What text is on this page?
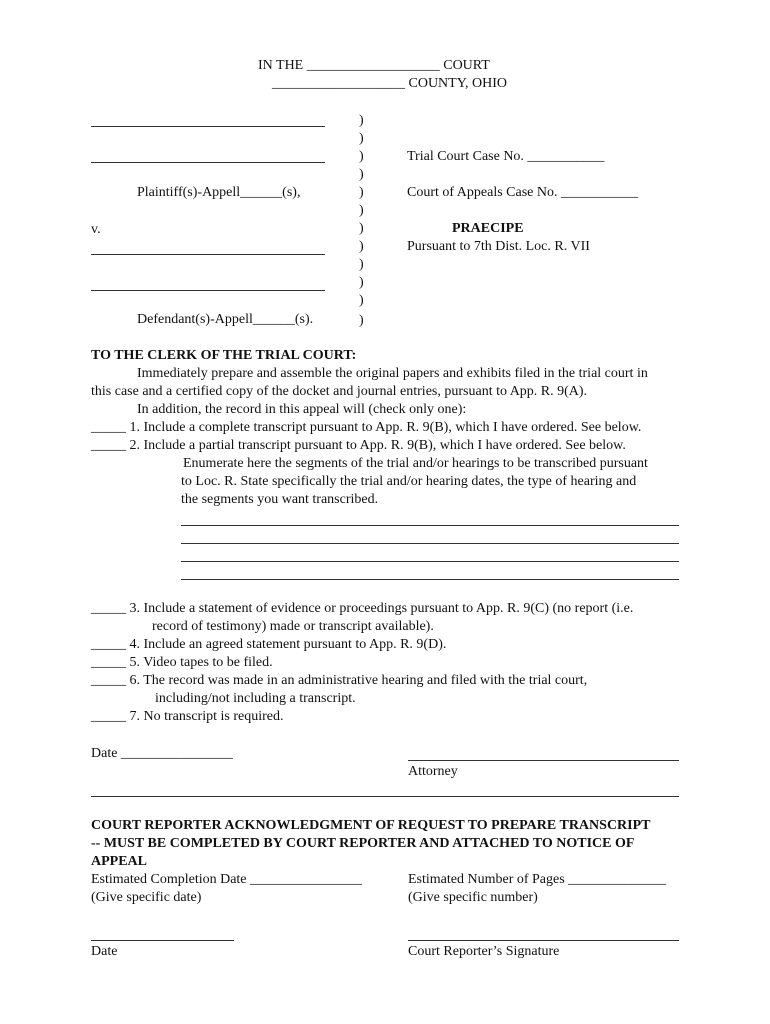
IN THE ___________________ COURT
___________________ COUNTY, OHIO
Plaintiff(s)-Appell______(s),
v.
Defendant(s)-Appell______(s).
)
)
)
)
)
)
)
)
)
)
)
)
Trial Court Case No. ___________
Court of Appeals Case No. ___________
PRAECIPE
Pursuant to 7th Dist. Loc. R. VII
TO THE CLERK OF THE TRIAL COURT:
Immediately prepare and assemble the original papers and exhibits filed in the trial court in
this case and a certified copy of the docket and journal entries, pursuant to App. R. 9(A).
In addition, the record in this appeal will (check only one):
_____ 1. Include a complete transcript pursuant to App. R. 9(B), which I have ordered. See below.
_____ 2. Include a partial transcript pursuant to App. R. 9(B), which I have ordered. See below.
Enumerate here the segments of the trial and/or hearings to be transcribed pursuant
to Loc. R. State specifically the trial and/or hearing dates, the type of hearing and
the segments you want transcribed.
_____ 3. Include a statement of evidence or proceedings pursuant to App. R. 9(C) (no report (i.e.
record of testimony) made or transcript available).
_____ 4. Include an agreed statement pursuant to App. R. 9(D).
_____ 5. Video tapes to be filed.
_____ 6. The record was made in an administrative hearing and filed with the trial court,
including/not including a transcript.
_____ 7. No transcript is required.
Date ________________
Attorney
COURT REPORTER ACKNOWLEDGMENT OF REQUEST TO PREPARE TRANSCRIPT
-- MUST BE COMPLETED BY COURT REPORTER AND ATTACHED TO NOTICE OF
APPEAL
Estimated Completion Date ________________
(Give specific date)
Estimated Number of Pages ______________
(Give specific number)
Date	Court Reporter’s Signature
